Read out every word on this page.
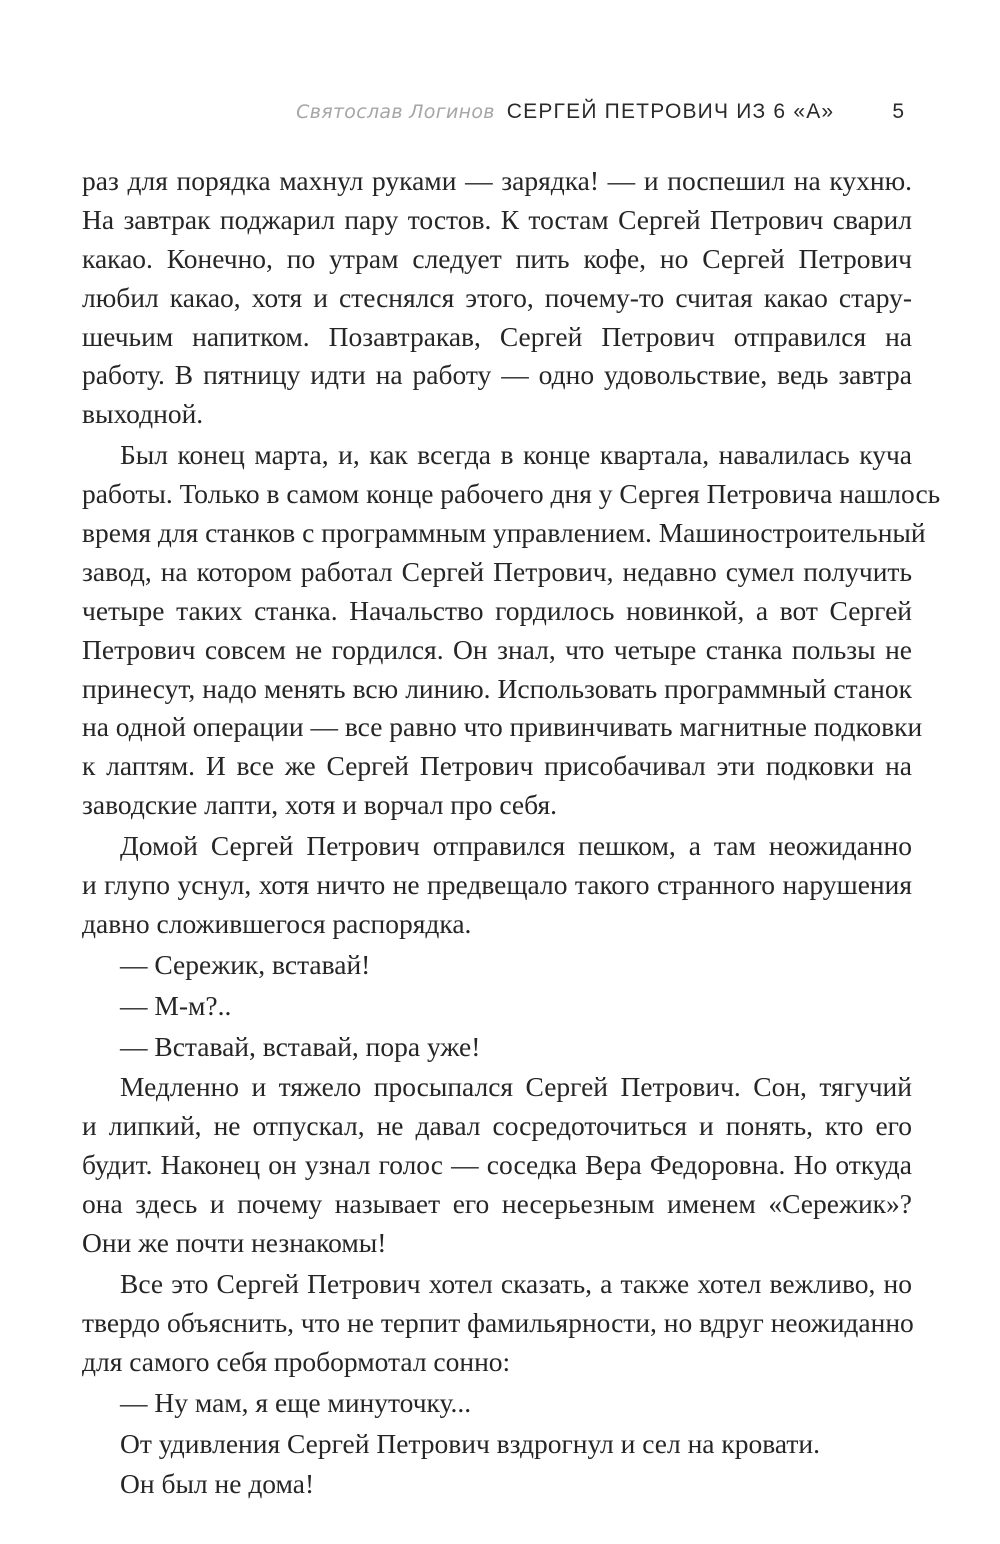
Святослав Логинов СЕРГЕЙ ПЕТРОВИЧ ИЗ 6 «А»	5
раз для порядка махнул руками — зарядка! — и поспешил на кухню.
На завтрак поджарил пару тостов. К тостам Сергей Петрович сварил
какао. Конечно, по утрам следует пить кофе, но Сергей Петрович
любил какао, хотя и стеснялся этого, почему-то считая какао стару-
шечьим напитком. Позавтракав, Сергей Петрович отправился на
работу. В пятницу идти на работу — одно удовольствие, ведь завтра
выходной.
Был конец марта, и, как всегда в конце квартала, навалилась куча
работы. Только в самом конце рабочего дня у Сергея Петровича нашлось
время для станков с программным управлением. Машиностроительный
завод, на котором работал Сергей Петрович, недавно сумел получить
четыре таких станка. Начальство гордилось новинкой, а вот Сергей
Петрович совсем не гордился. Он знал, что четыре станка пользы не
принесут, надо менять всю линию. Использовать программный станок
на одной операции — все равно что привинчивать магнитные подковки
к лаптям. И все же Сергей Петрович присобачивал эти подковки на
заводские лапти, хотя и ворчал про себя.
Домой Сергей Петрович отправился пешком, а там неожиданно
и глупо уснул, хотя ничто не предвещало такого странного нарушения
давно сложившегося распорядка.
— Сережик, вставай!
— М-м?..
— Вставай, вставай, пора уже!
Медленно и тяжело просыпался Сергей Петрович. Сон, тягучий
и липкий, не отпускал, не давал сосредоточиться и понять, кто его
будит. Наконец он узнал голос — соседка Вера Федоровна. Но откуда
она здесь и почему называет его несерьезным именем «Сережик»?
Они же почти незнакомы!
Все это Сергей Петрович хотел сказать, а также хотел вежливо, но
твердо объяснить, что не терпит фамильярности, но вдруг неожиданно
для самого себя пробормотал сонно:
— Ну мам, я еще минуточку...
От удивления Сергей Петрович вздрогнул и сел на кровати.
Он был не дома!
